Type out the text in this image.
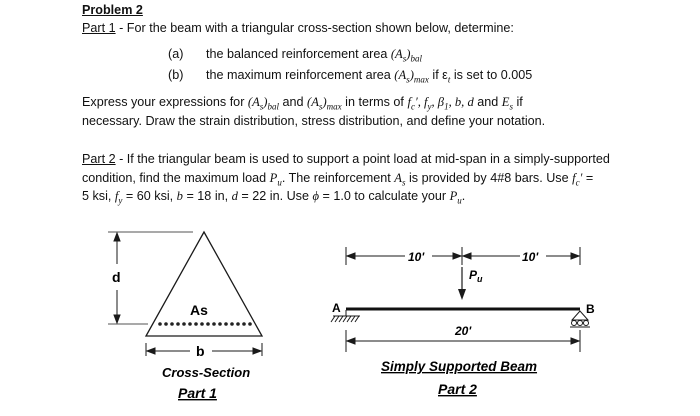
Problem 2
Part 1 - For the beam with a triangular cross-section shown below, determine:
(a) the balanced reinforcement area $(A_s)_{bal}$
(b) the maximum reinforcement area $(A_s)_{max}$ if $\varepsilon_t$ is set to 0.005
Express your expressions for $(A_s)_{bal}$ and $(A_s)_{max}$ in terms of $f_c'$, $f_y$, $\beta_1$, b, d and $E_s$ if
necessary. Draw the strain distribution, stress distribution, and define your notation.
Part 2 - If the triangular beam is used to support a point load at mid-span in a simply-supported
condition, find the maximum load $P_u$. The reinforcement $A_s$ is provided by 4#8 bars. Use $f_c'$ =
5 ksi, $f_y = 60$ ksi, b = 18 in, d = 22 in. Use ϕ = 1.0 to calculate your $P_u$.
d
As
b
Cross-Section
Part 1
10'	10'
$P_u$
A	B
20'
Simply Supported Beam
Part 2
